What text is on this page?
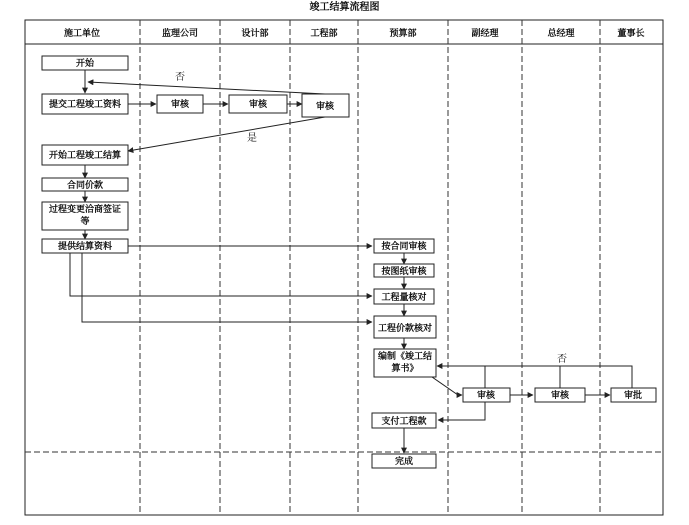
竣工结算流程图
施工单位	监理公司	设计部	工程部	预算部	副经理	总经理	董事长
开始
提交工程竣工资料	审核	审核	审核
开始工程竣工结算
合同价款
过程变更洽商签证等
提供结算资料	按合同审核
按图纸审核
工程量核对
工程价款核对
编制《竣工结算书》
审核	审核	审批
支付工程款
完成
否
是
否
